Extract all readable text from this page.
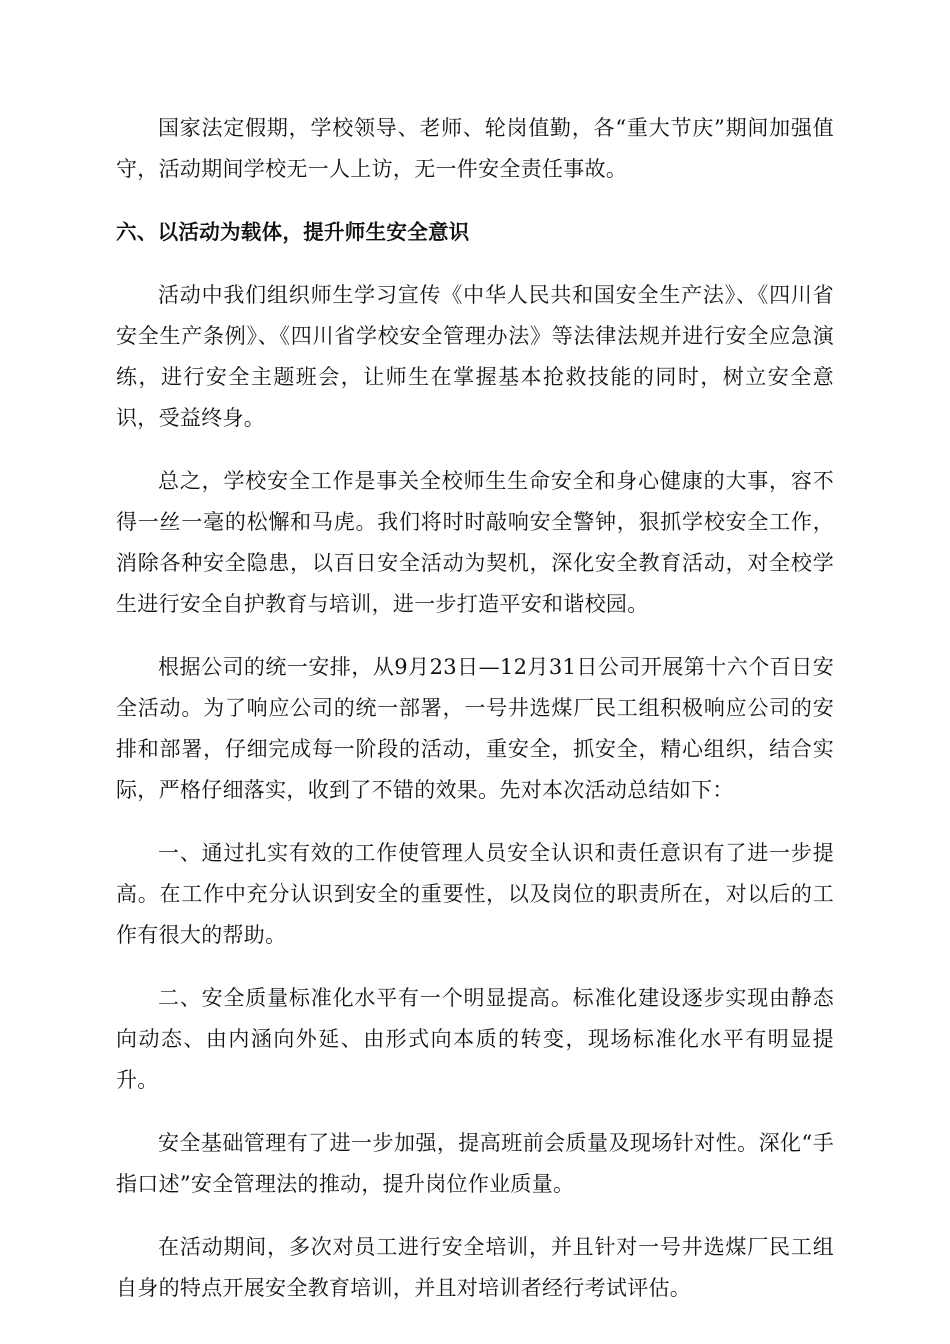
国家法定假期，学校领导、老师、轮岗值勤，各“重大节庆”期间加强值守，活动期间学校无一人上访，无一件安全责任事故。

六、以活动为载体，提升师生安全意识

活动中我们组织师生学习宣传《中华人民共和国安全生产法》、《四川省安全生产条例》、《四川省学校安全管理办法》等法律法规并进行安全应急演练，进行安全主题班会，让师生在掌握基本抢救技能的同时，树立安全意识，受益终身。

总之，学校安全工作是事关全校师生生命安全和身心健康的大事，容不得一丝一毫的松懈和马虎。我们将时时敲响安全警钟，狠抓学校安全工作，消除各种安全隐患，以百日安全活动为契机，深化安全教育活动，对全校学生进行安全自护教育与培训，进一步打造平安和谐校园。

根据公司的统一安排，从9月23日—12月31日公司开展第十六个百日安全活动。为了响应公司的统一部署，一号井选煤厂民工组积极响应公司的安排和部署，仔细完成每一阶段的活动，重安全，抓安全，精心组织，结合实际，严格仔细落实，收到了不错的效果。先对本次活动总结如下：

一、通过扎实有效的工作使管理人员安全认识和责任意识有了进一步提高。在工作中充分认识到安全的重要性，以及岗位的职责所在，对以后的工作有很大的帮助。

二、安全质量标准化水平有一个明显提高。标准化建设逐步实现由静态向动态、由内涵向外延、由形式向本质的转变，现场标准化水平有明显提升。

安全基础管理有了进一步加强，提高班前会质量及现场针对性。深化“手指口述”安全管理法的推动，提升岗位作业质量。

在活动期间，多次对员工进行安全培训，并且针对一号井选煤厂民工组自身的特点开展安全教育培训，并且对培训者经行考试评估。
